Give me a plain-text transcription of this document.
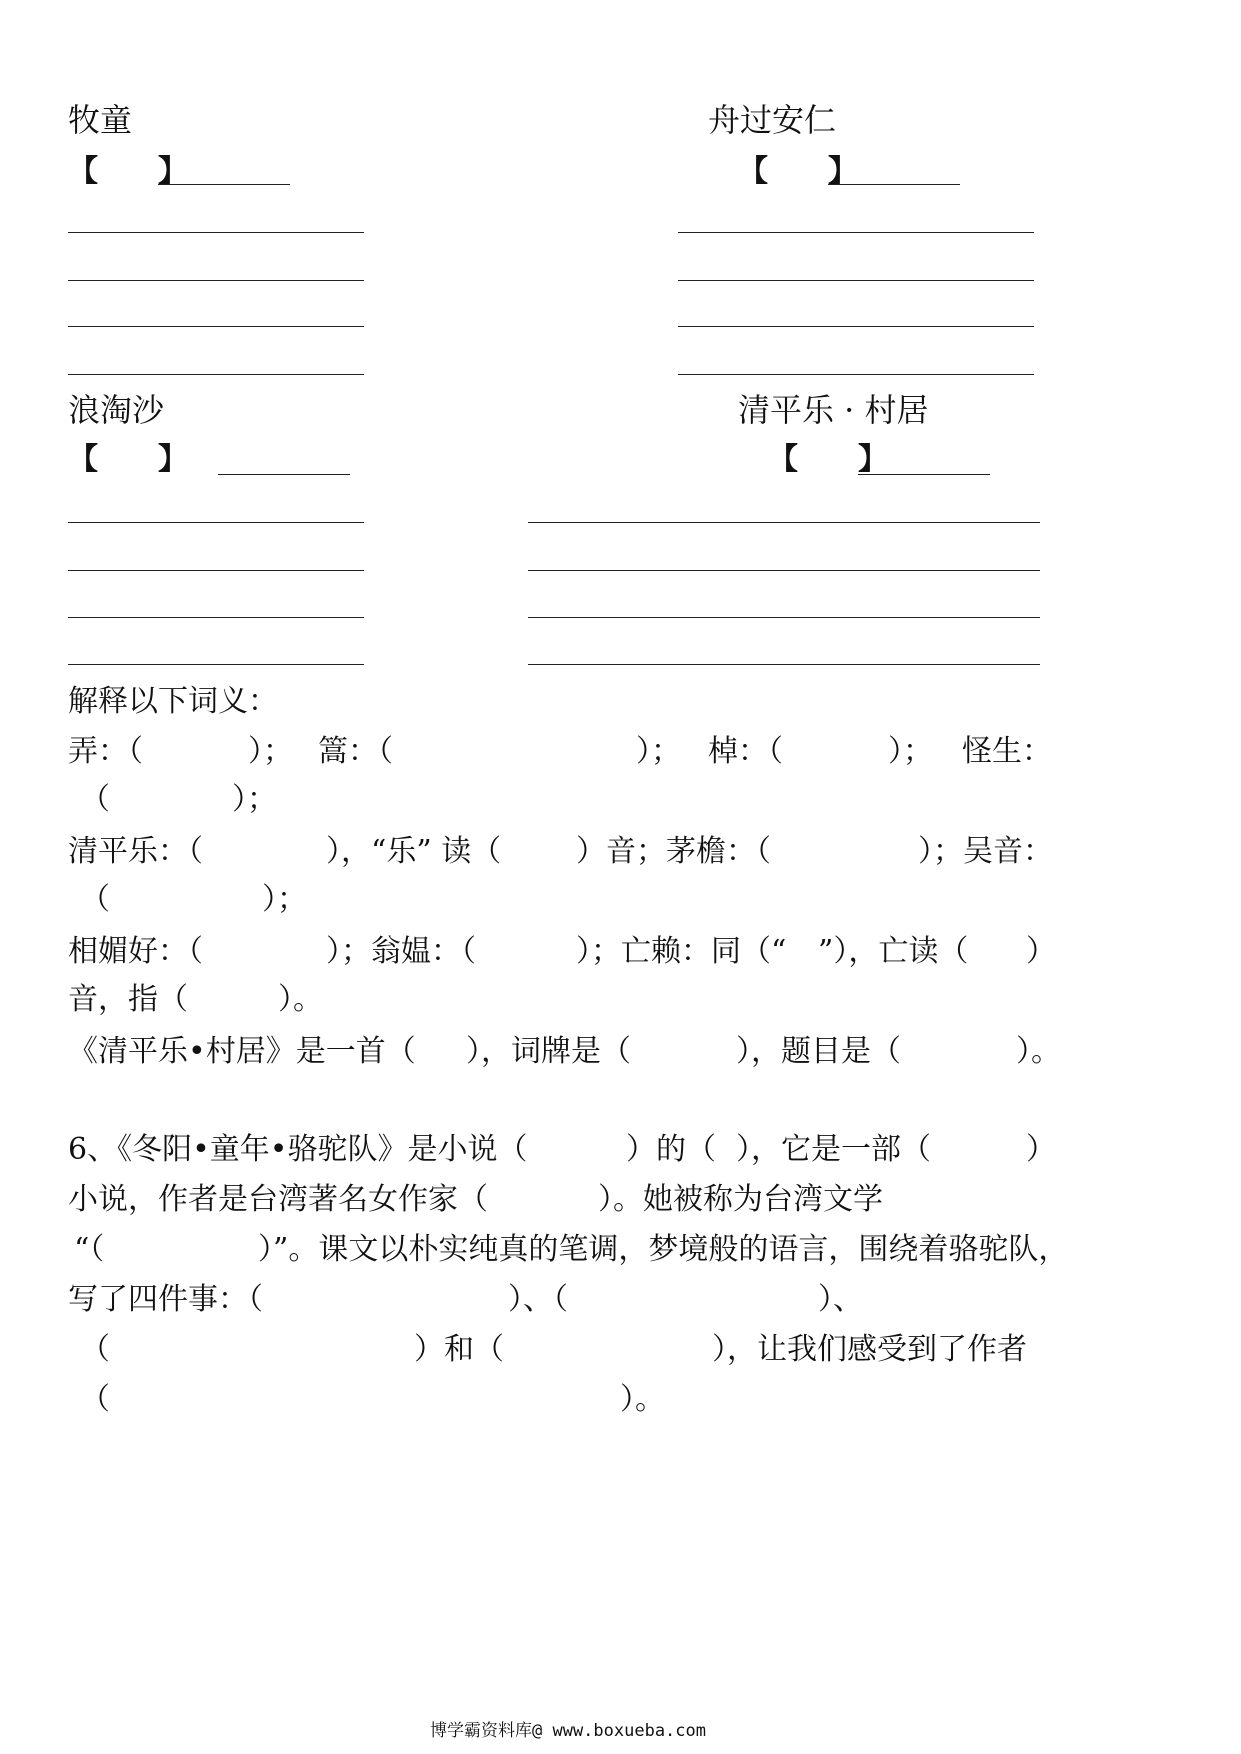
牧童
【　　】
舟过安仁
【　　】
浪淘沙
【　　】
清平乐 · 村居
【　　】
解释以下词义：
弄：（	）； 篙：（	）； 棹：（	）； 怪生：
（	）；
清平乐：（	），“乐” 读（ ）音；茅檐：（	）；吴音：
（	）；
相媚好：（	）；翁媪：（	）；亡赖：同（“ ”），亡读（ ）
音，指（	）。
《清平乐•村居》是一首（ ），词牌是（	），题目是（	）。
6、《冬阳•童年•骆驼队》是小说（	）的（ ），它是一部（	）
小说，作者是台湾著名女作家（	）。她被称为台湾文学
“（	）”。课文以朴实纯真的笔调，梦境般的语言，围绕着骆驼队，
写了四件事：（	）、（	）、
（	）和（	），让我们感受到了作者
（	）。
博学霸资料库@ www.boxueba.com
